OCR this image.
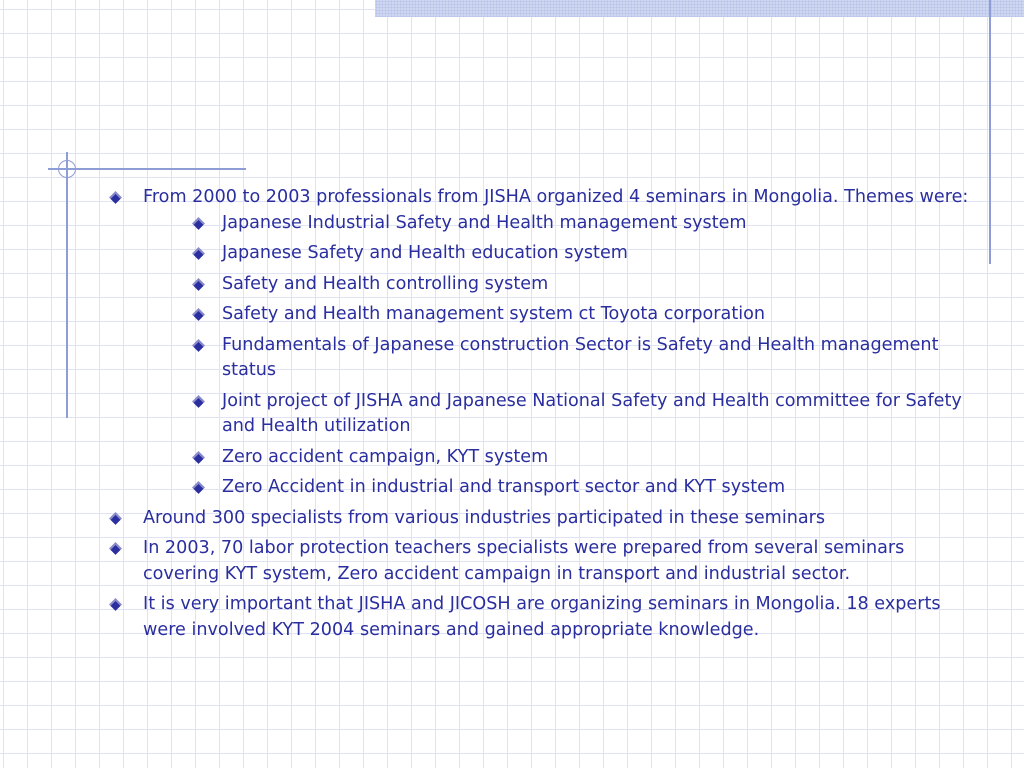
From 2000 to 2003 professionals from JISHA organized 4 seminars in Mongolia. Themes were:
Japanese Industrial Safety and Health management system
Japanese Safety and Health education system
Safety and Health controlling system
Safety and Health management system ct Toyota corporation
Fundamentals of Japanese construction Sector is Safety and Health management status
Joint project of JISHA and Japanese National Safety and Health committee for Safety and Health utilization
Zero accident campaign, KYT system
Zero Accident in industrial and transport sector and KYT system
Around 300 specialists from various industries participated in these seminars
In 2003, 70 labor protection teachers specialists were prepared from several seminars covering KYT system, Zero accident campaign in transport and industrial sector.
It is very important that JISHA and JICOSH are organizing seminars in Mongolia. 18 experts were involved KYT 2004 seminars and gained appropriate knowledge.
